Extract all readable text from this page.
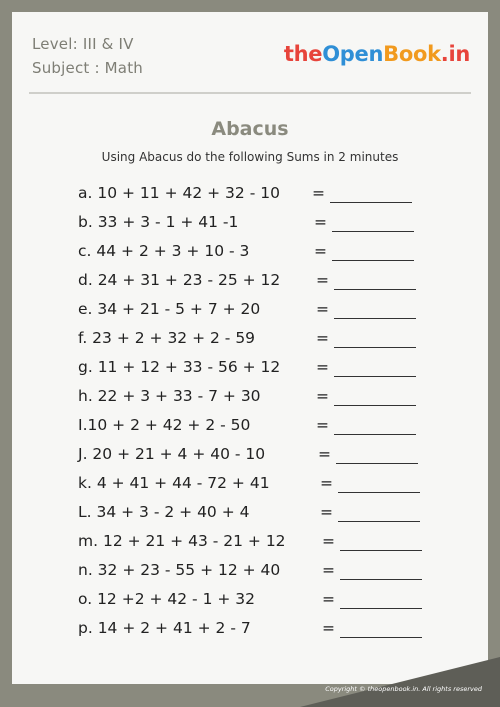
Level: III & IV
Subject : Math
theOpenBook.in
Abacus
Using Abacus do the following Sums in 2 minutes
a. 10 + 11 + 42 + 32 - 10 =
b. 33 + 3 - 1 + 41 -1	=
c. 44 + 2 + 3 + 10 - 3	=
d. 24 + 31 + 23 - 25 + 12 =
e. 34 + 21 - 5 + 7 + 20	=
f. 23 + 2 + 32 + 2 - 59	=
g. 11 + 12 + 33 - 56 + 12 =
h. 22 + 3 + 33 - 7 + 30	=
I.10 + 2 + 42 + 2 - 50	=
J. 20 + 21 + 4 + 40 - 10	=
k. 4 + 41 + 44 - 72 + 41	=
L. 34 + 3 - 2 + 40 + 4	=
m. 12 + 21 + 43 - 21 + 12 =
n. 32 + 23 - 55 + 12 + 40	=
o. 12 +2 + 42 - 1 + 32	=
p. 14 + 2 + 41 + 2 - 7	=
Copyright © theopenbook.in. All rights reserved
